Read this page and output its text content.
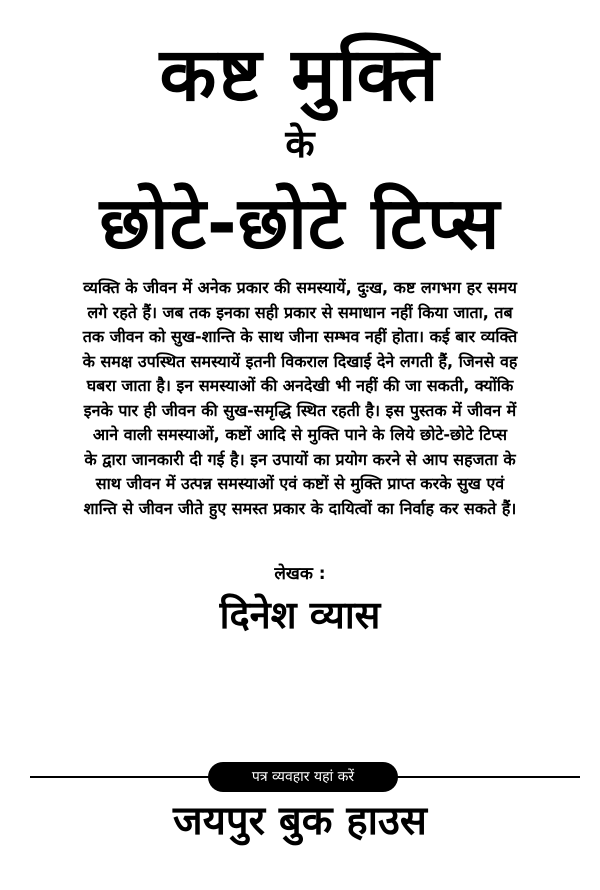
कष्ट मुक्ति
के
छोटे-छोटे टिप्स
व्यक्ति के जीवन में अनेक प्रकार की समस्यायें, दुःख, कष्ट लगभग हर समय
लगे रहते हैं। जब तक इनका सही प्रकार से समाधान नहीं किया जाता, तब
तक जीवन को सुख-शान्ति के साथ जीना सम्भव नहीं होता। कई बार व्यक्ति
के समक्ष उपस्थित समस्यायें इतनी विकराल दिखाई देने लगती हैं, जिनसे वह
घबरा जाता है। इन समस्याओं की अनदेखी भी नहीं की जा सकती, क्योंकि
इनके पार ही जीवन की सुख-समृद्धि स्थित रहती है। इस पुस्तक में जीवन में
आने वाली समस्याओं, कष्टों आदि से मुक्ति पाने के लिये छोटे-छोटे टिप्स
के द्वारा जानकारी दी गई है। इन उपायों का प्रयोग करने से आप सहजता के
साथ जीवन में उत्पन्न समस्याओं एवं कष्टों से मुक्ति प्राप्त करके सुख एवं
शान्ति से जीवन जीते हुए समस्त प्रकार के दायित्वों का निर्वाह कर सकते हैं।
लेखक :
दिनेश व्यास
पत्र व्यवहार यहां करें
जयपुर बुक हाउस
